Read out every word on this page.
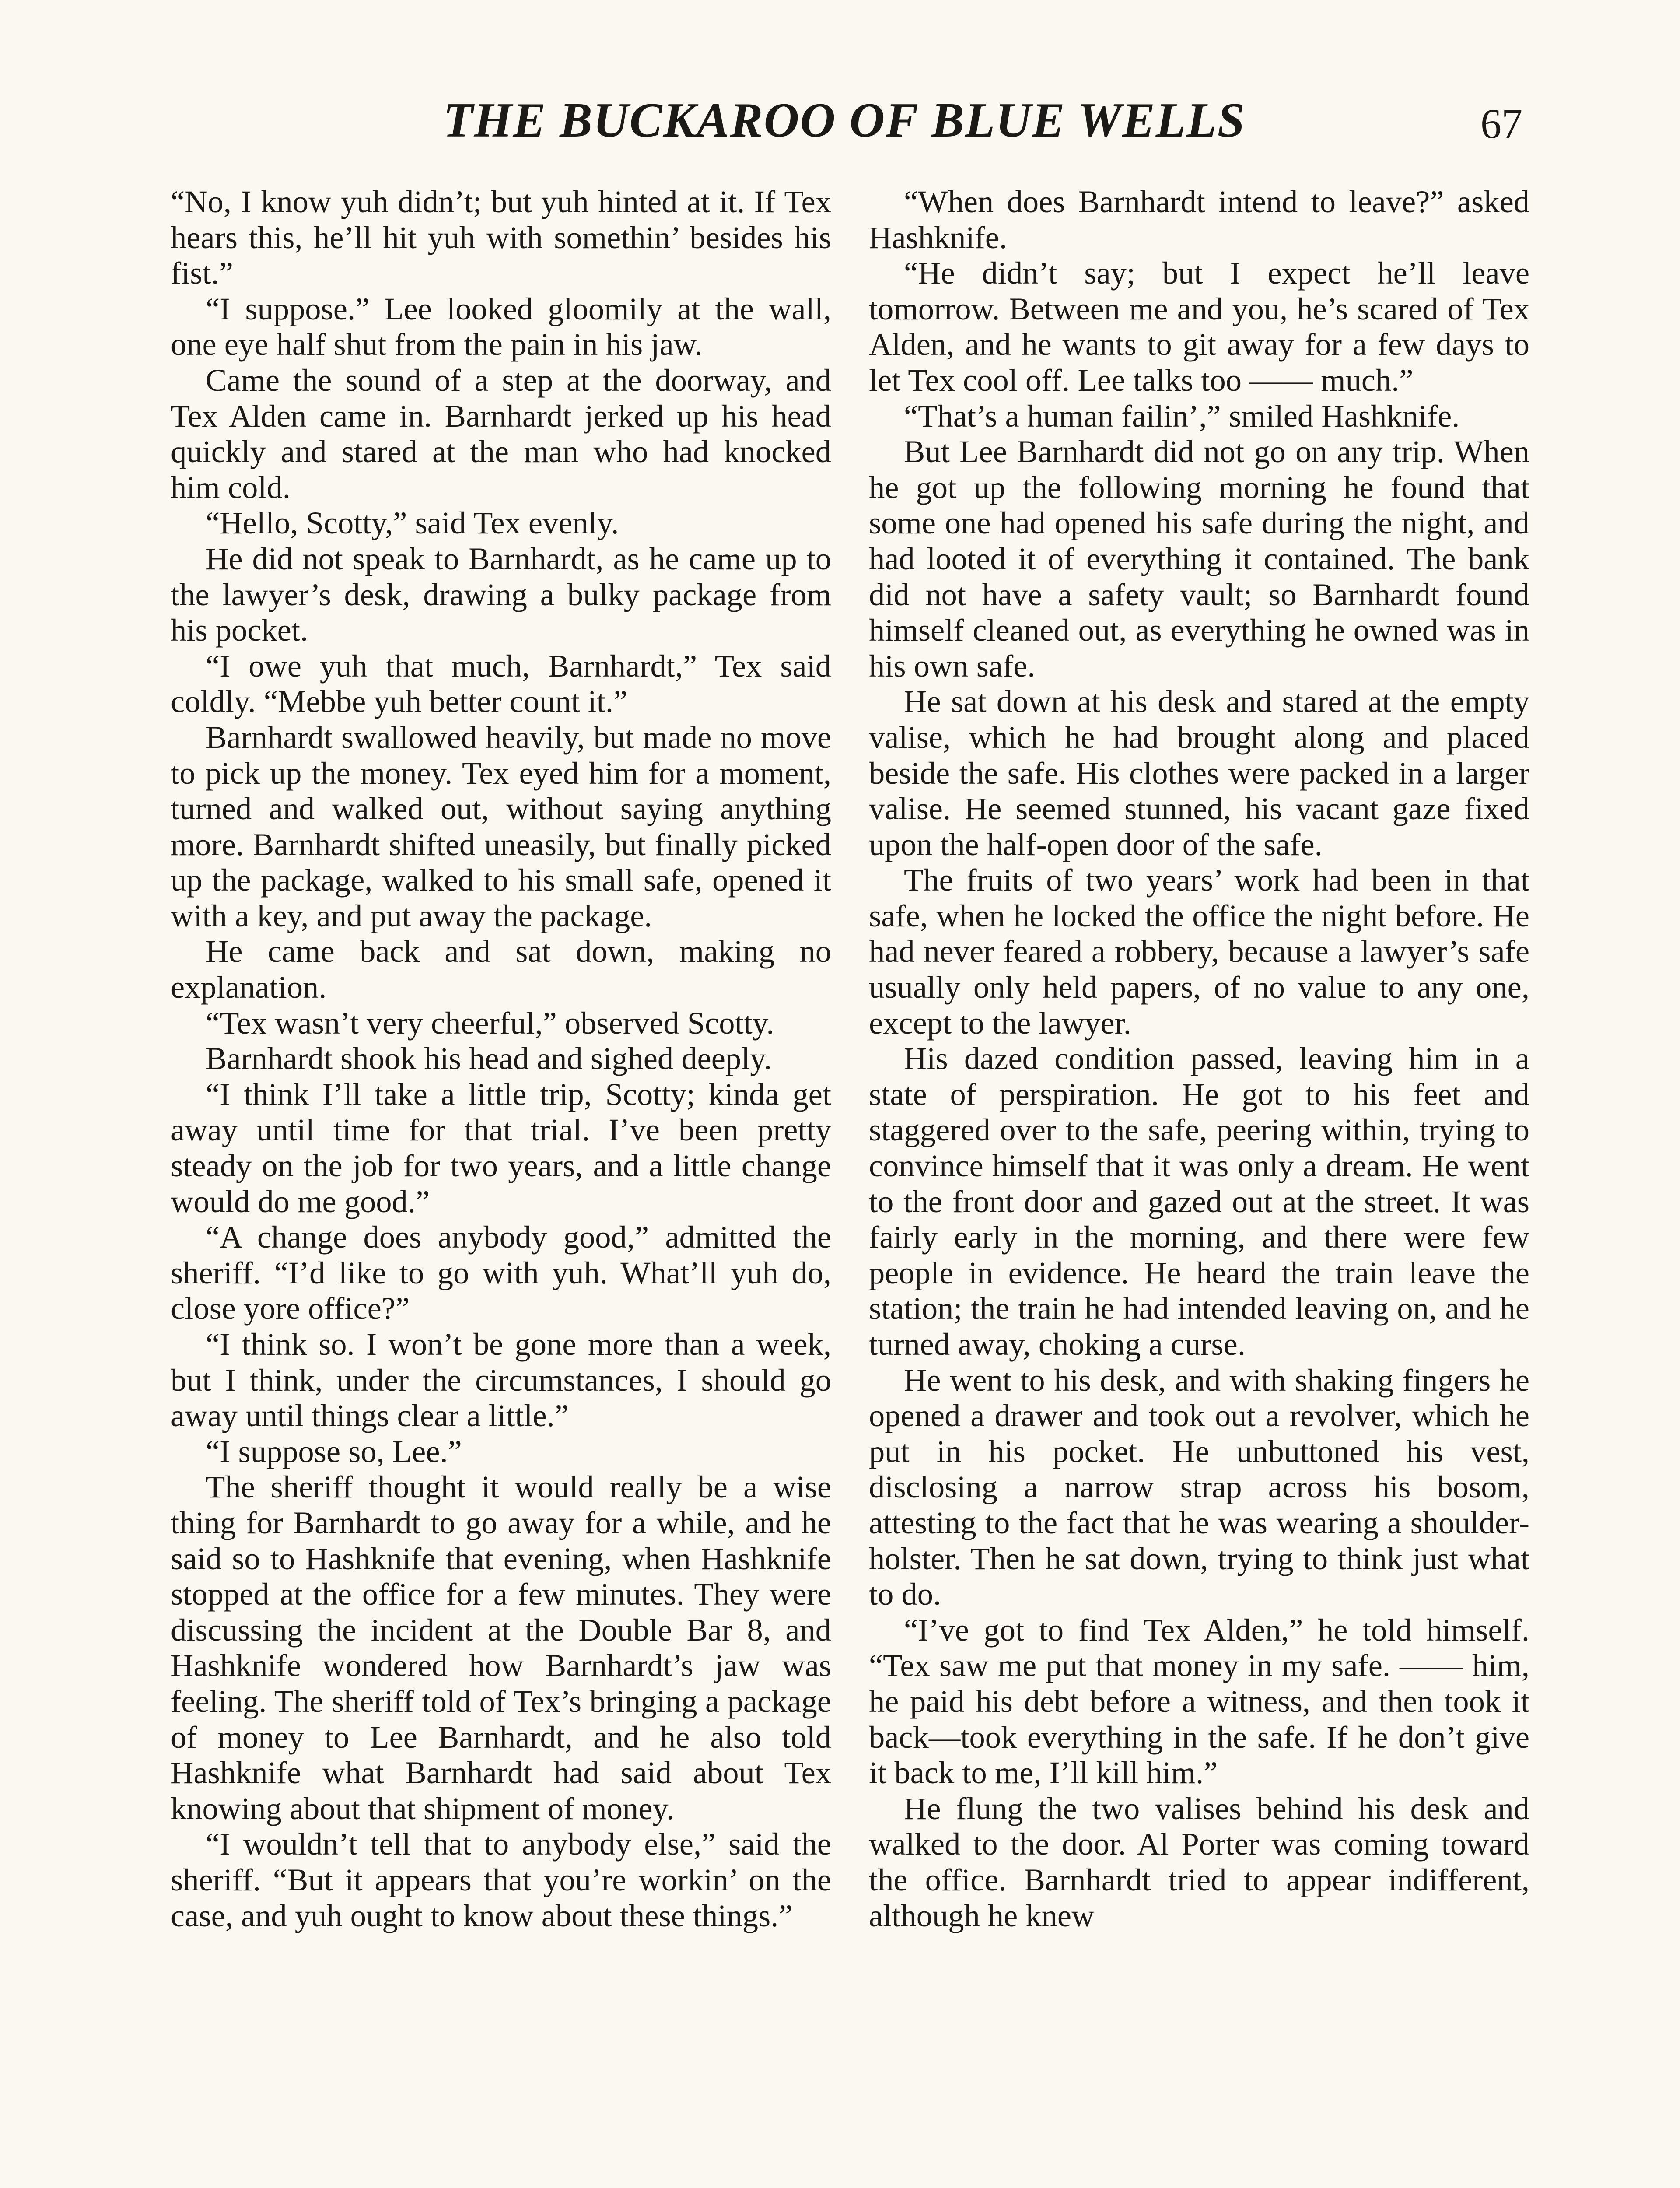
THE BUCKAROO OF BLUE WELLS	67

“No, I know yuh didn’t; but yuh hinted at it. If Tex hears this, he’ll hit yuh with somethin’ besides his fist.”

“I suppose.” Lee looked gloomily at the wall, one eye half shut from the pain in his jaw.

Came the sound of a step at the doorway, and Tex Alden came in. Barnhardt jerked up his head quickly and stared at the man who had knocked him cold.

“Hello, Scotty,” said Tex evenly.

He did not speak to Barnhardt, as he came up to the lawyer’s desk, drawing a bulky package from his pocket.

“I owe yuh that much, Barnhardt,” Tex said coldly. “Mebbe yuh better count it.”

Barnhardt swallowed heavily, but made no move to pick up the money. Tex eyed him for a moment, turned and walked out, without saying anything more. Barnhardt shifted uneasily, but finally picked up the package, walked to his small safe, opened it with a key, and put away the package.

He came back and sat down, making no explanation.

“Tex wasn’t very cheerful,” observed Scotty.

Barnhardt shook his head and sighed deeply.

“I think I’ll take a little trip, Scotty; kinda get away until time for that trial. I’ve been pretty steady on the job for two years, and a little change would do me good.”

“A change does anybody good,” admitted the sheriff. “I’d like to go with yuh. What’ll yuh do, close yore office?”

“I think so. I won’t be gone more than a week, but I think, under the circumstances, I should go away until things clear a little.”

“I suppose so, Lee.”

The sheriff thought it would really be a wise thing for Barnhardt to go away for a while, and he said so to Hashknife that evening, when Hashknife stopped at the office for a few minutes. They were discussing the incident at the Double Bar 8, and Hashknife wondered how Barnhardt’s jaw was feeling. The sheriff told of Tex’s bringing a package of money to Lee Barnhardt, and he also told Hashknife what Barnhardt had said about Tex knowing about that shipment of money.

“I wouldn’t tell that to anybody else,” said the sheriff. “But it appears that you’re workin’ on the case, and yuh ought to know about these things.”

“When does Barnhardt intend to leave?” asked Hashknife.

“He didn’t say; but I expect he’ll leave tomorrow. Between me and you, he’s scared of Tex Alden, and he wants to git away for a few days to let Tex cool off. Lee talks too —— much.”

“That’s a human failin’,” smiled Hashknife.

But Lee Barnhardt did not go on any trip. When he got up the following morning he found that some one had opened his safe during the night, and had looted it of everything it contained. The bank did not have a safety vault; so Barnhardt found himself cleaned out, as everything he owned was in his own safe.

He sat down at his desk and stared at the empty valise, which he had brought along and placed beside the safe. His clothes were packed in a larger valise. He seemed stunned, his vacant gaze fixed upon the half-open door of the safe.

The fruits of two years’ work had been in that safe, when he locked the office the night before. He had never feared a robbery, because a lawyer’s safe usually only held papers, of no value to any one, except to the lawyer.

His dazed condition passed, leaving him in a state of perspiration. He got to his feet and staggered over to the safe, peering within, trying to convince himself that it was only a dream. He went to the front door and gazed out at the street. It was fairly early in the morning, and there were few people in evidence. He heard the train leave the station; the train he had intended leaving on, and he turned away, choking a curse.

He went to his desk, and with shaking fingers he opened a drawer and took out a revolver, which he put in his pocket. He unbuttoned his vest, disclosing a narrow strap across his bosom, attesting to the fact that he was wearing a shoulder-holster. Then he sat down, trying to think just what to do.

“I’ve got to find Tex Alden,” he told himself. “Tex saw me put that money in my safe. —— him, he paid his debt before a witness, and then took it back—took everything in the safe. If he don’t give it back to me, I’ll kill him.”

He flung the two valises behind his desk and walked to the door. Al Porter was coming toward the office. Barnhardt tried to appear indifferent, although he knew
